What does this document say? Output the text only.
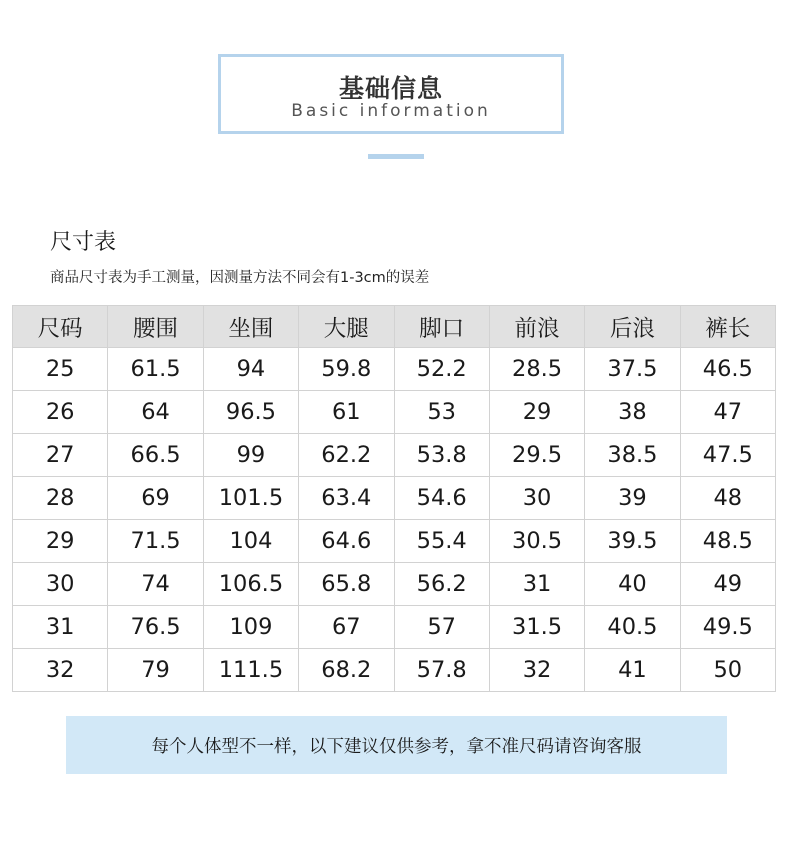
基础信息
Basic information
尺寸表
商品尺寸表为手工测量，因测量方法不同会有1-3cm的误差
尺码	腰围	坐围	大腿	脚口	前浪	后浪	裤长
25	61.5	94	59.8	52.2	28.5	37.5	46.5
26	64	96.5	61	53	29	38	47
27	66.5	99	62.2	53.8	29.5	38.5	47.5
28	69	101.5	63.4	54.6	30	39	48
29	71.5	104	64.6	55.4	30.5	39.5	48.5
30	74	106.5	65.8	56.2	31	40	49
31	76.5	109	67	57	31.5	40.5	49.5
32	79	111.5	68.2	57.8	32	41	50
每个人体型不一样，以下建议仅供参考，拿不准尺码请咨询客服
